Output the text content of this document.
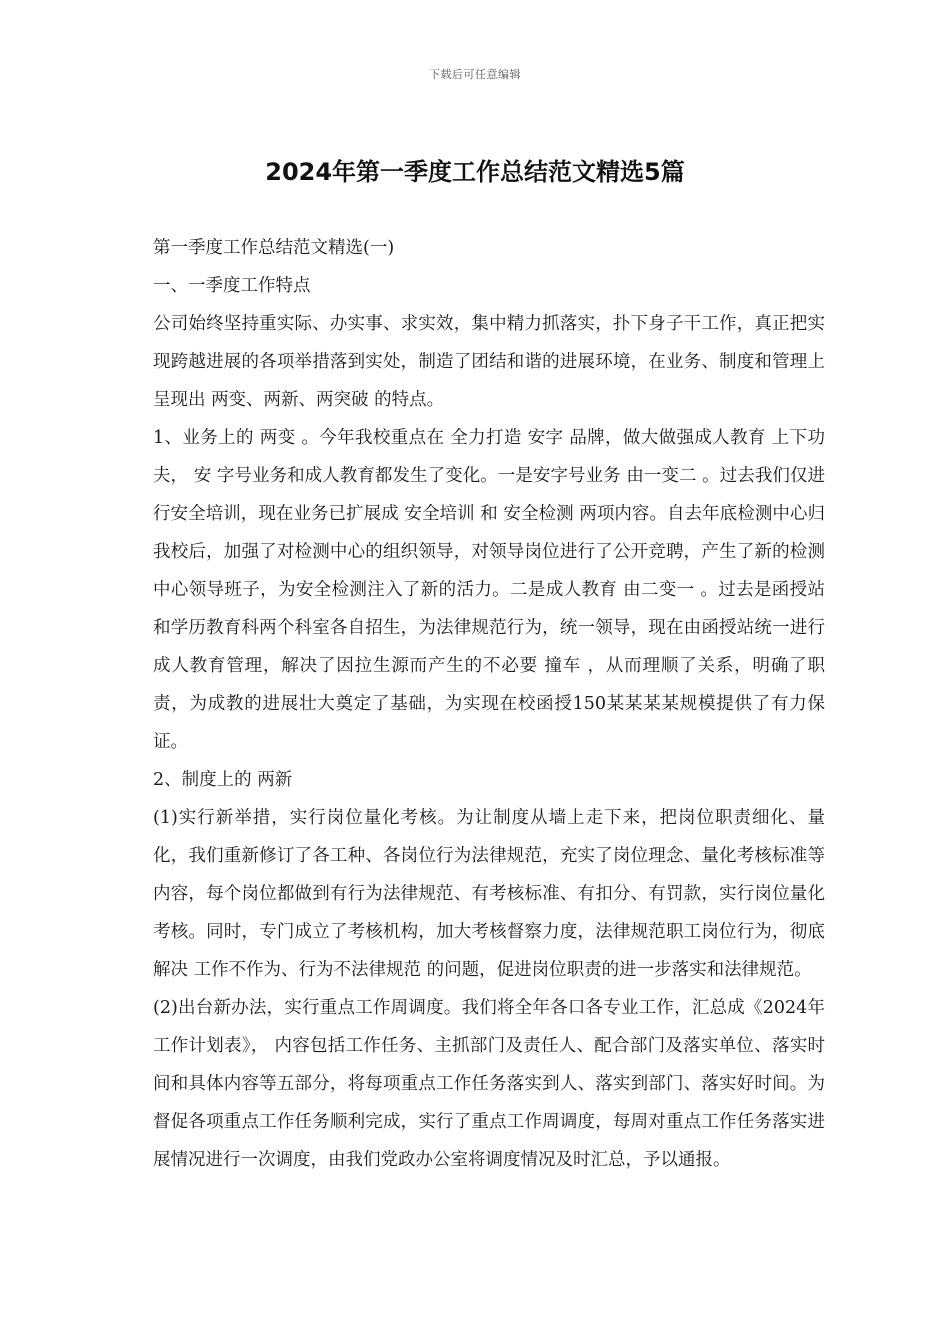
下载后可任意编辑
2024年第一季度工作总结范文精选5篇

第一季度工作总结范文精选(一)

一、一季度工作特点

公司始终坚持重实际、办实事、求实效，集中精力抓落实，扑下身子干工作，真正把实现跨越进展的各项举措落到实处，制造了团结和谐的进展环境，在业务、制度和管理上呈现出 两变、两新、两突破 的特点。

1、业务上的 两变 。今年我校重点在 全力打造 安字 品牌，做大做强成人教育 上下功夫， 安 字号业务和成人教育都发生了变化。一是安字号业务 由一变二 。过去我们仅进行安全培训，现在业务已扩展成 安全培训 和 安全检测 两项内容。自去年底检测中心归我校后，加强了对检测中心的组织领导，对领导岗位进行了公开竞聘，产生了新的检测中心领导班子，为安全检测注入了新的活力。二是成人教育 由二变一 。过去是函授站和学历教育科两个科室各自招生，为法律规范行为，统一领导，现在由函授站统一进行成人教育管理，解决了因拉生源而产生的不必要 撞车 ，从而理顺了关系，明确了职责，为成教的进展壮大奠定了基础，为实现在校函授150某某某某规模提供了有力保证。

2、制度上的 两新

(1)实行新举措，实行岗位量化考核。为让制度从墙上走下来，把岗位职责细化、量化，我们重新修订了各工种、各岗位行为法律规范，充实了岗位理念、量化考核标准等内容，每个岗位都做到有行为法律规范、有考核标准、有扣分、有罚款，实行岗位量化考核。同时，专门成立了考核机构，加大考核督察力度，法律规范职工岗位行为，彻底解决 工作不作为、行为不法律规范 的问题，促进岗位职责的进一步落实和法律规范。

(2)出台新办法，实行重点工作周调度。我们将全年各口各专业工作，汇总成《2024年工作计划表》， 内容包括工作任务、主抓部门及责任人、配合部门及落实单位、落实时间和具体内容等五部分，将每项重点工作任务落实到人、落实到部门、落实好时间。为督促各项重点工作任务顺利完成，实行了重点工作周调度，每周对重点工作任务落实进展情况进行一次调度，由我们党政办公室将调度情况及时汇总，予以通报。
